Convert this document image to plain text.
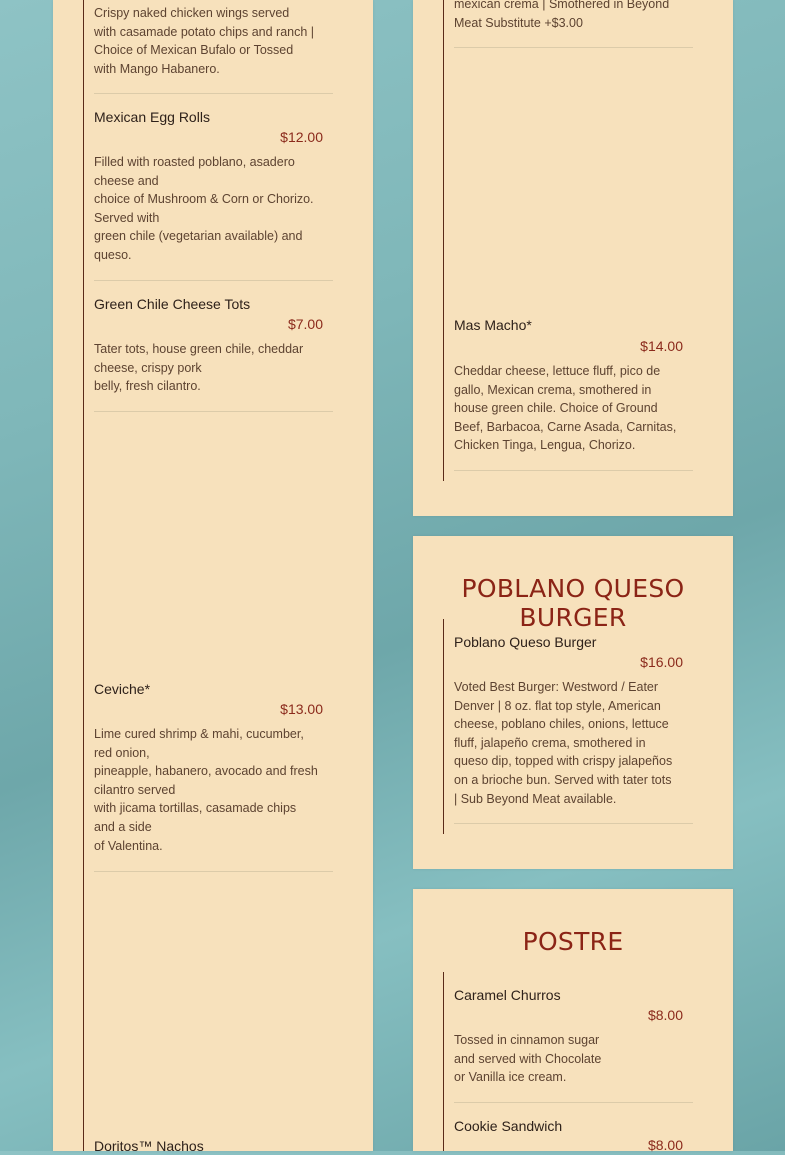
Crispy naked chicken wings served
with casamade potato chips and ranch |
Choice of Mexican Bufalo or Tossed
with Mango Habanero.
Mexican Egg Rolls
$12.00
Filled with roasted poblano, asadero
cheese and
choice of Mushroom & Corn or Chorizo.
Served with
green chile (vegetarian available) and
queso.
Green Chile Cheese Tots
$7.00
Tater tots, house green chile, cheddar
cheese, crispy pork
belly, fresh cilantro.
Ceviche*
$13.00
Lime cured shrimp & mahi, cucumber,
red onion,
pineapple, habanero, avocado and fresh
cilantro served
with jicama tortillas, casamade chips
and a side
of Valentina.
Doritos™ Nachos
mexican crema | Smothered in Beyond
Meat Substitute +$3.00
Mas Macho*
$14.00
Cheddar cheese, lettuce fluff, pico de
gallo, Mexican crema, smothered in
house green chile. Choice of Ground
Beef, Barbacoa, Carne Asada, Carnitas,
Chicken Tinga, Lengua, Chorizo.
POBLANO QUESO BURGER
Poblano Queso Burger
$16.00
Voted Best Burger: Westword / Eater
Denver | 8 oz. flat top style, American
cheese, poblano chiles, onions, lettuce
fluff, jalapeño crema, smothered in
queso dip, topped with crispy jalapeños
on a brioche bun. Served with tater tots
| Sub Beyond Meat available.
POSTRE
Caramel Churros
$8.00
Tossed in cinnamon sugar
and served with Chocolate
or Vanilla ice cream.
Cookie Sandwich
$8.00
